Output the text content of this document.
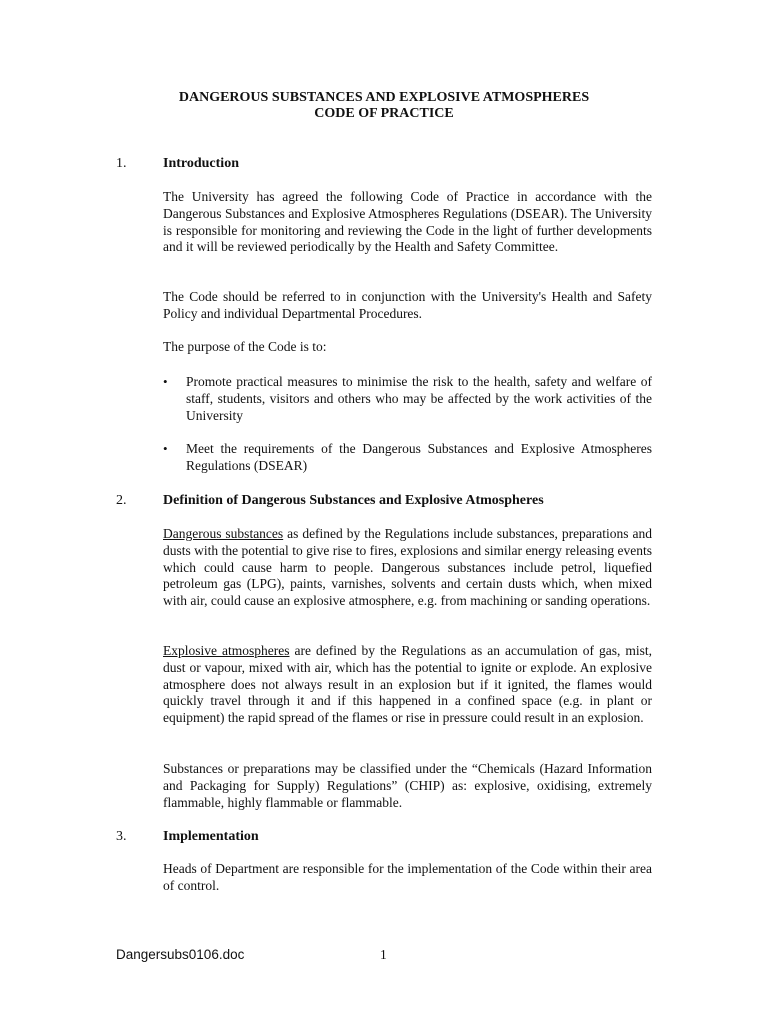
DANGEROUS SUBSTANCES AND EXPLOSIVE ATMOSPHERES
CODE OF PRACTICE
1.	Introduction
The University has agreed the following Code of Practice in accordance with the Dangerous Substances and Explosive Atmospheres Regulations (DSEAR). The University is responsible for monitoring and reviewing the Code in the light of further developments and it will be reviewed periodically by the Health and Safety Committee.
The Code should be referred to in conjunction with the University's Health and Safety Policy and individual Departmental Procedures.
The purpose of the Code is to:
• Promote practical measures to minimise the risk to the health, safety and welfare of staff, students, visitors and others who may be affected by the work activities of the University
• Meet the requirements of the Dangerous Substances and Explosive Atmospheres Regulations (DSEAR)
2.	Definition of Dangerous Substances and Explosive Atmospheres
Dangerous substances as defined by the Regulations include substances, preparations and dusts with the potential to give rise to fires, explosions and similar energy releasing events which could cause harm to people. Dangerous substances include petrol, liquefied petroleum gas (LPG), paints, varnishes, solvents and certain dusts which, when mixed with air, could cause an explosive atmosphere, e.g. from machining or sanding operations.
Explosive atmospheres are defined by the Regulations as an accumulation of gas, mist, dust or vapour, mixed with air, which has the potential to ignite or explode. An explosive atmosphere does not always result in an explosion but if it ignited, the flames would quickly travel through it and if this happened in a confined space (e.g. in plant or equipment) the rapid spread of the flames or rise in pressure could result in an explosion.
Substances or preparations may be classified under the “Chemicals (Hazard Information and Packaging for Supply) Regulations” (CHIP) as: explosive, oxidising, extremely flammable, highly flammable or flammable.
3.	Implementation
Heads of Department are responsible for the implementation of the Code within their area of control.
Dangersubs0106.doc	1
